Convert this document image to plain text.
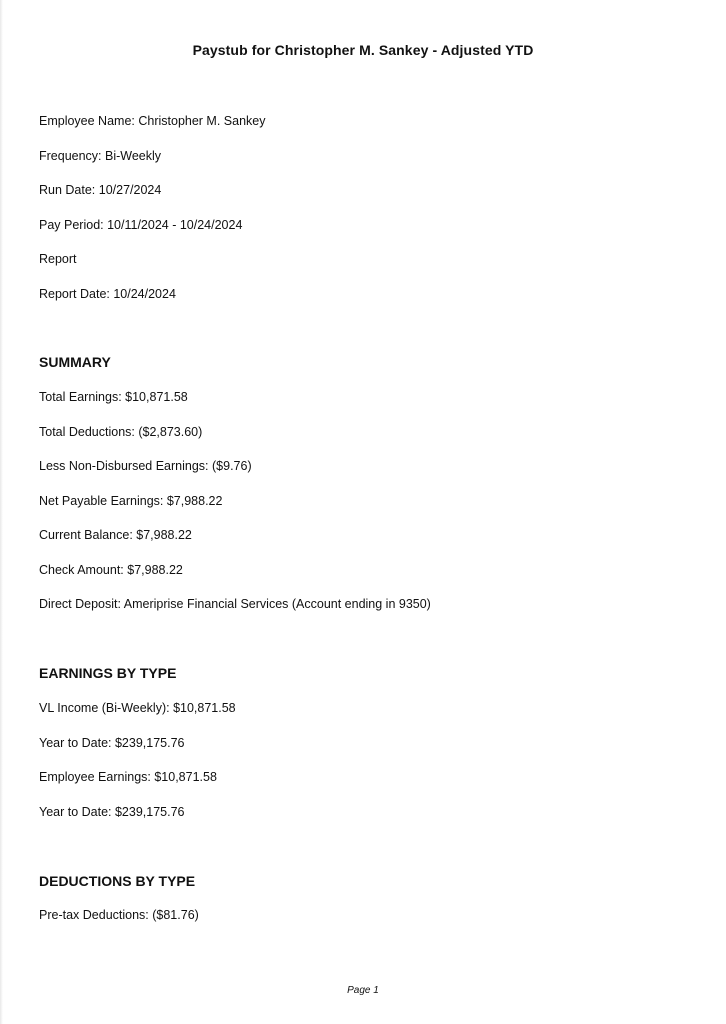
Paystub for Christopher M. Sankey - Adjusted YTD
Employee Name: Christopher M. Sankey
Frequency: Bi-Weekly
Run Date: 10/27/2024
Pay Period: 10/11/2024 - 10/24/2024
Report
Report Date: 10/24/2024
SUMMARY
Total Earnings: $10,871.58
Total Deductions: ($2,873.60)
Less Non-Disbursed Earnings: ($9.76)
Net Payable Earnings: $7,988.22
Current Balance: $7,988.22
Check Amount: $7,988.22
Direct Deposit: Ameriprise Financial Services (Account ending in 9350)
EARNINGS BY TYPE
VL Income (Bi-Weekly): $10,871.58
Year to Date: $239,175.76
Employee Earnings: $10,871.58
Year to Date: $239,175.76
DEDUCTIONS BY TYPE
Pre-tax Deductions: ($81.76)
Page 1
